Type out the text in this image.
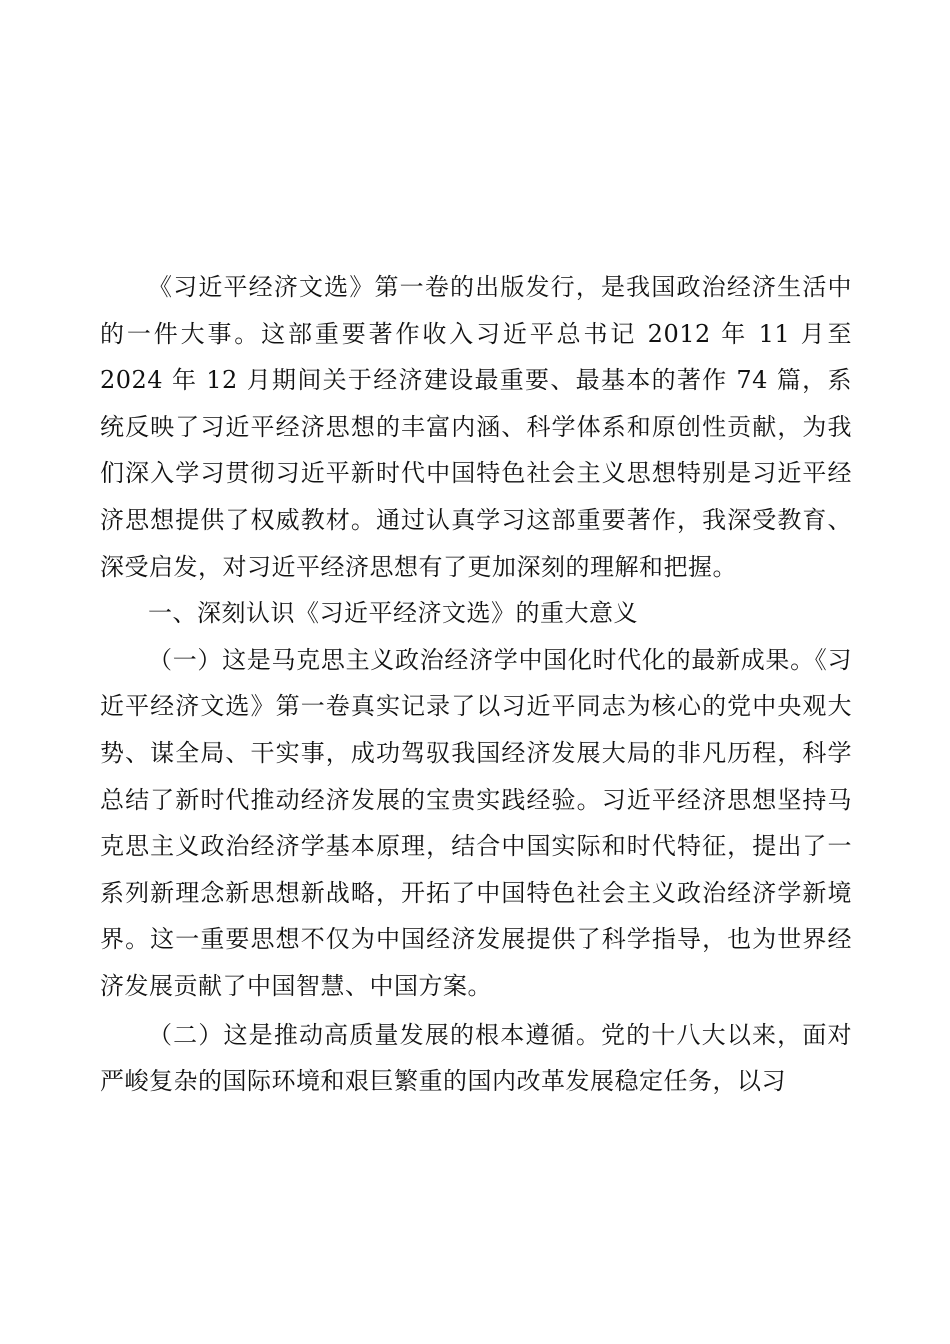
《习近平经济文选》第一卷的出版发行，是我国政治经济生活中的一件大事。这部重要著作收入习近平总书记 2012 年 11 月至 2024 年 12 月期间关于经济建设最重要、最基本的著作 74 篇，系统反映了习近平经济思想的丰富内涵、科学体系和原创性贡献，为我们深入学习贯彻习近平新时代中国特色社会主义思想特别是习近平经济思想提供了权威教材。通过认真学习这部重要著作，我深受教育、深受启发，对习近平经济思想有了更加深刻的理解和把握。

一、深刻认识《习近平经济文选》的重大意义

（一）这是马克思主义政治经济学中国化时代化的最新成果。《习近平经济文选》第一卷真实记录了以习近平同志为核心的党中央观大势、谋全局、干实事，成功驾驭我国经济发展大局的非凡历程，科学总结了新时代推动经济发展的宝贵实践经验。习近平经济思想坚持马克思主义政治经济学基本原理，结合中国实际和时代特征，提出了一系列新理念新思想新战略，开拓了中国特色社会主义政治经济学新境界。这一重要思想不仅为中国经济发展提供了科学指导，也为世界经济发展贡献了中国智慧、中国方案。

（二）这是推动高质量发展的根本遵循。党的十八大以来，面对严峻复杂的国际环境和艰巨繁重的国内改革发展稳定任务，以习
